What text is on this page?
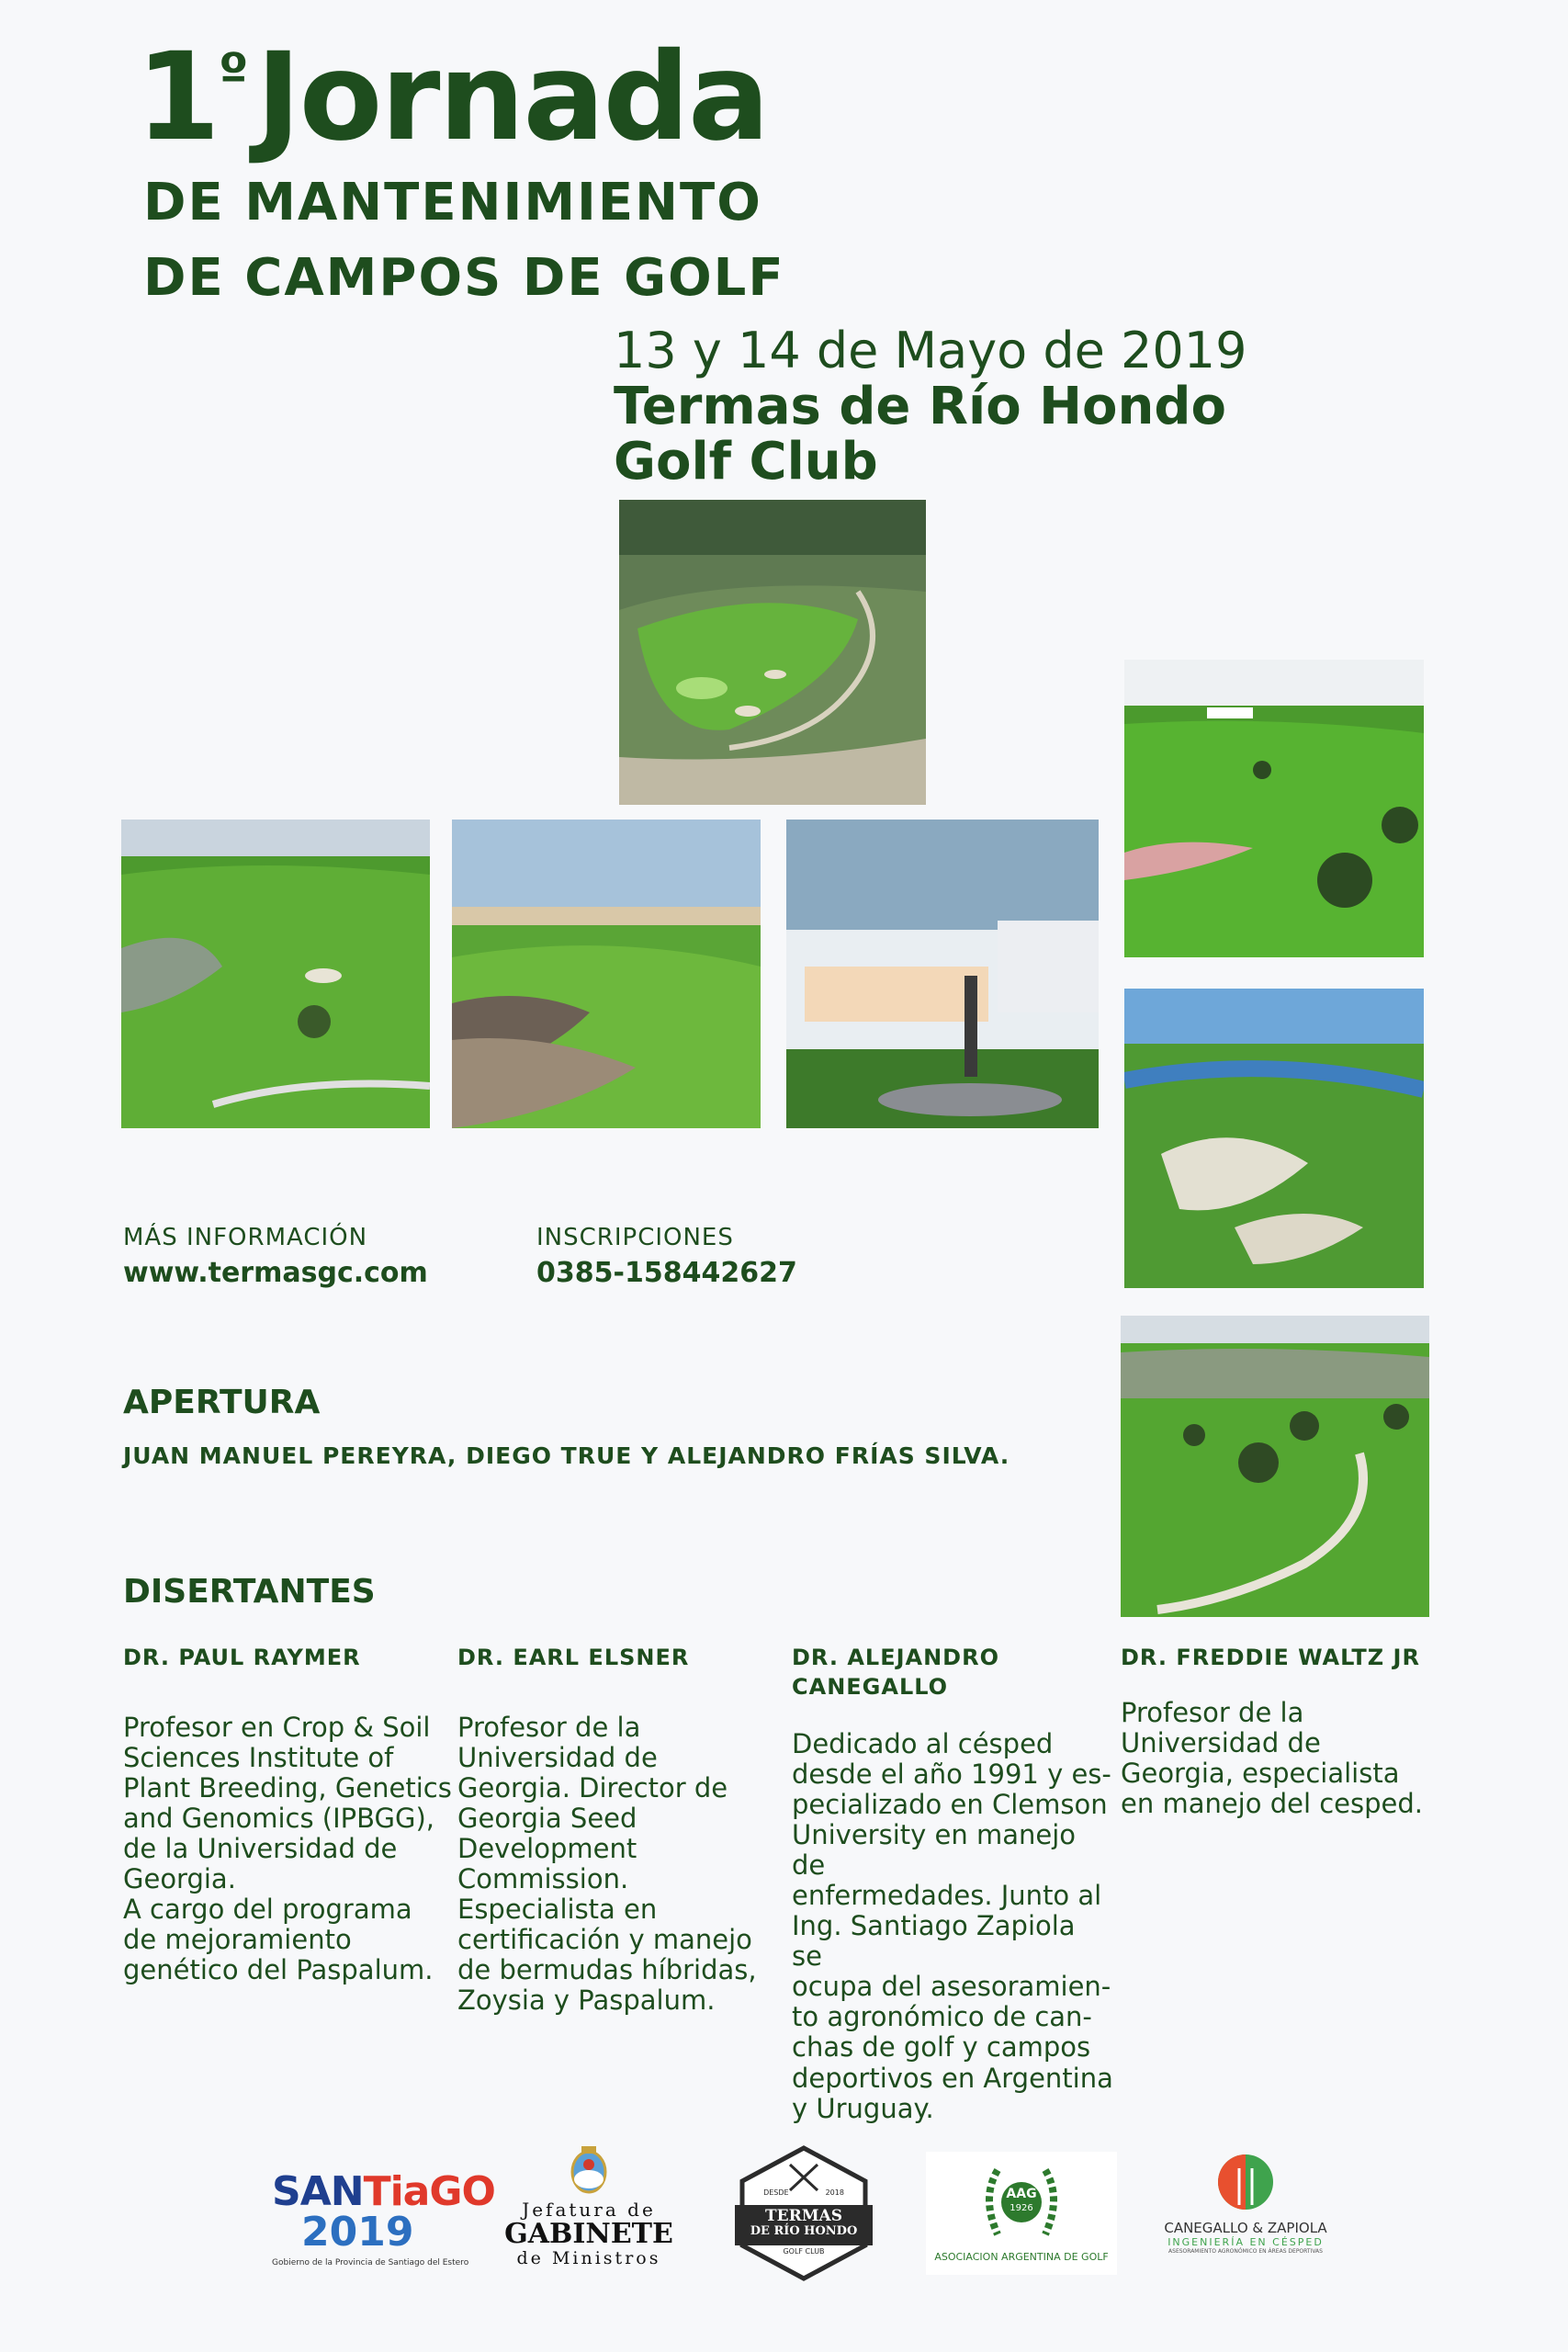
$1^ºJornada$
DE MANTENIMIENTO
DE CAMPOS DE GOLF
13 y 14 de Mayo de 2019
Termas de Río Hondo
Golf Club
MÁS INFORMACIÓN
www.termasgc.com
INSCRIPCIONES
0385-158442627
APERTURA
JUAN MANUEL PEREYRA, DIEGO TRUE Y ALEJANDRO FRÍAS SILVA.
DISERTANTES
DR. PAUL RAYMER
Profesor en Crop & Soil
Sciences Institute of
Plant Breeding, Genetics
and Genomics (IPBGG),
de la Universidad de
Georgia.
A cargo del programa
de mejoramiento
genético del Paspalum.
DR. EARL ELSNER
Profesor de la
Universidad de
Georgia. Director de
Georgia Seed
Development
Commission.
Especialista en
certificación y manejo
de bermudas híbridas,
Zoysia y Paspalum.
DR. ALEJANDRO
CANEGALLO
Dedicado al césped
desde el año 1991 y es-
pecializado en Clemson
University en manejo de
enfermedades. Junto al
Ing. Santiago Zapiola se
ocupa del asesoramien-
to agronómico de can-
chas de golf y campos
deportivos en Argentina
y Uruguay.
DR. FREDDIE WALTZ JR
Profesor de la
Universidad de
Georgia, especialista
en manejo del cesped.
SANTiaGO
2019
Gobierno de la Provincia de Santiago del Estero
Jefatura de
GABINETE
de Ministros
DESDE	2018
TERMAS
DE RÍO HONDO
GOLF CLUB
AAG
1926
ASOCIACION ARGENTINA DE GOLF
CANEGALLO & ZAPIOLA
INGENIERÍA EN CÉSPED
ASESORAMIENTO AGRONÓMICO EN ÁREAS DEPORTIVAS
